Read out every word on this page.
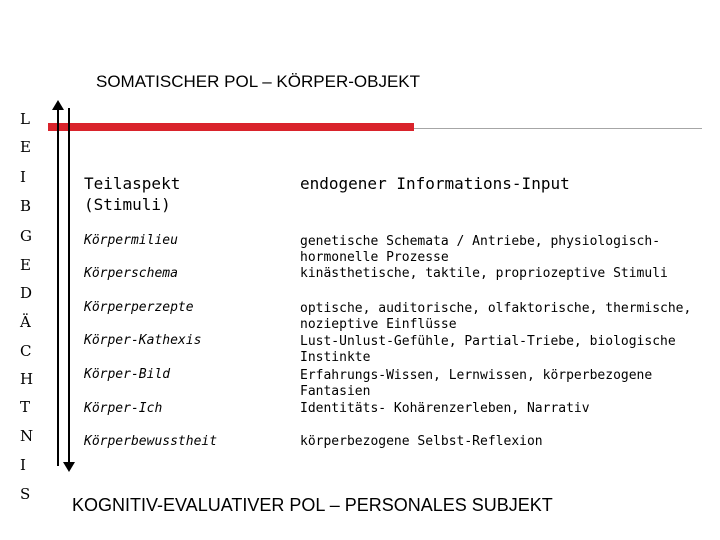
SOMATISCHER POL – KÖRPER-OBJEKT
L
E
I
B
G
E
D
Ä
C
H
T
N
I
S
Teilaspekt
(Stimuli)
endogener Informations-Input
Körpermilieu
Körperschema
Körperperzepte
Körper-Kathexis
Körper-Bild
Körper-Ich
Körperbewusstheit
genetische Schemata / Antriebe, physiologisch-
hormonelle Prozesse
kinästhetische, taktile, propriozeptive Stimuli
optische, auditorische, olfaktorische, thermische,
nozieptive Einflüsse
Lust-Unlust-Gefühle, Partial-Triebe, biologische
Instinkte
Erfahrungs-Wissen, Lernwissen, körperbezogene
Fantasien
Identitäts- Kohärenzerleben, Narrativ
körperbezogene Selbst-Reflexion
KOGNITIV-EVALUATIVER POL – PERSONALES SUBJEKT
